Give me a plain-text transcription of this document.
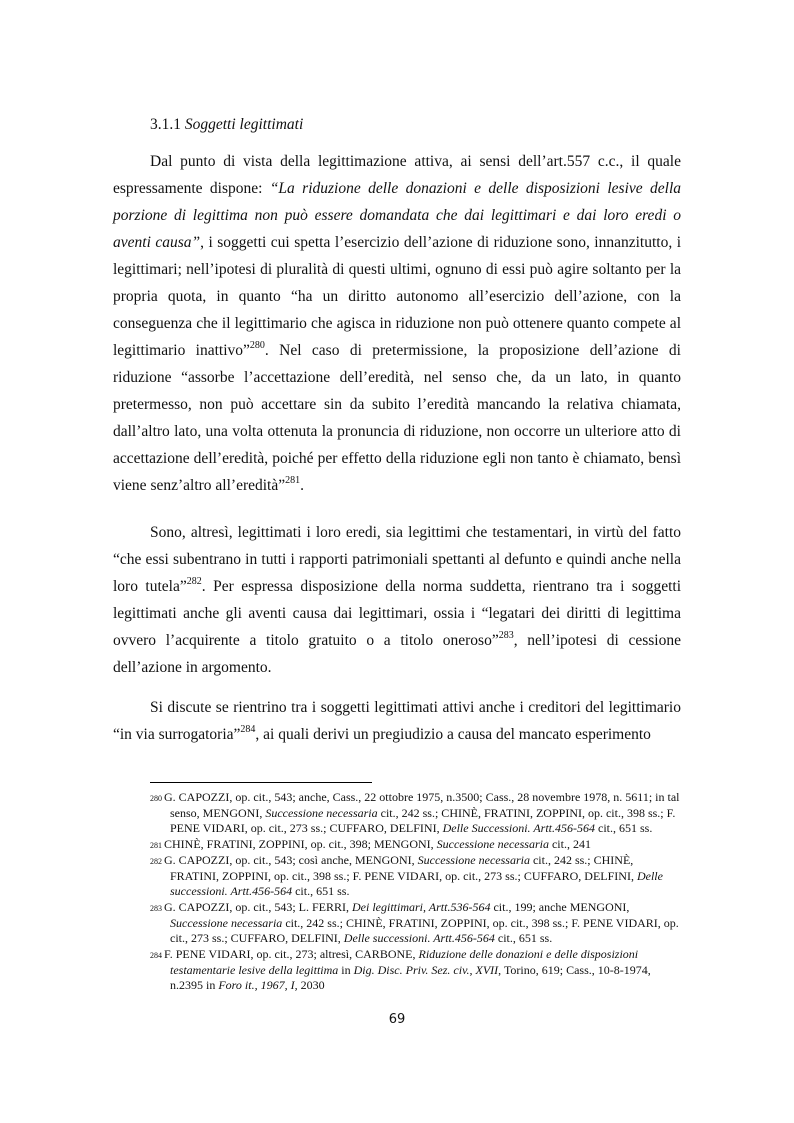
3.1.1 Soggetti legittimati

Dal punto di vista della legittimazione attiva, ai sensi dell’art.557 c.c., il quale espressamente dispone: “La riduzione delle donazioni e delle disposizioni lesive della porzione di legittima non può essere domandata che dai legittimari e dai loro eredi o aventi causa”, i soggetti cui spetta l’esercizio dell’azione di riduzione sono, innanzitutto, i legittimari; nell’ipotesi di pluralità di questi ultimi, ognuno di essi può agire soltanto per la propria quota, in quanto “ha un diritto autonomo all’esercizio dell’azione, con la conseguenza che il legittimario che agisca in riduzione non può ottenere quanto compete al legittimario inattivo”$^{280}$. Nel caso di pretermissione, la proposizione dell’azione di riduzione “assorbe l’accettazione dell’eredità, nel senso che, da un lato, in quanto pretermesso, non può accettare sin da subito l’eredità mancando la relativa chiamata, dall’altro lato, una volta ottenuta la pronuncia di riduzione, non occorre un ulteriore atto di accettazione dell’eredità, poiché per effetto della riduzione egli non tanto è chiamato, bensì viene senz’altro all’eredità”$^{281}$.

Sono, altresì, legittimati i loro eredi, sia legittimi che testamentari, in virtù del fatto “che essi subentrano in tutti i rapporti patrimoniali spettanti al defunto e quindi anche nella loro tutela”$^{282}$. Per espressa disposizione della norma suddetta, rientrano tra i soggetti legittimati anche gli aventi causa dai legittimari, ossia i “legatari dei diritti di legittima ovvero l’acquirente a titolo gratuito o a titolo oneroso”$^{283}$, nell’ipotesi di cessione dell’azione in argomento.

Si discute se rientrino tra i soggetti legittimati attivi anche i creditori del legittimario “in via surrogatoria”$^{284}$, ai quali derivi un pregiudizio a causa del mancato esperimento

$^{280}$ G. CAPOZZI, op. cit., 543; anche, Cass., 22 ottobre 1975, n.3500; Cass., 28 novembre 1978, n. 5611; in tal senso, MENGONI, Successione necessaria cit., 242 ss.; CHINÈ, FRATINI, ZOPPINI, op. cit., 398 ss.; F. PENE VIDARI, op. cit., 273 ss.; CUFFARO, DELFINI, Delle Successioni. Artt.456-564 cit., 651 ss.

$^{281}$ CHINÈ, FRATINI, ZOPPINI, op. cit., 398; MENGONI, Successione necessaria cit., 241

$^{282}$ G. CAPOZZI, op. cit., 543; così anche, MENGONI, Successione necessaria cit., 242 ss.; CHINÈ, FRATINI, ZOPPINI, op. cit., 398 ss.; F. PENE VIDARI, op. cit., 273 ss.; CUFFARO, DELFINI, Delle successioni. Artt.456-564 cit., 651 ss.

$^{283}$ G. CAPOZZI, op. cit., 543; L. FERRI, Dei legittimari, Artt.536-564 cit., 199; anche MENGONI, Successione necessaria cit., 242 ss.; CHINÈ, FRATINI, ZOPPINI, op. cit., 398 ss.; F. PENE VIDARI, op. cit., 273 ss.; CUFFARO, DELFINI, Delle successioni. Artt.456-564 cit., 651 ss.

$^{284}$ F. PENE VIDARI, op. cit., 273; altresì, CARBONE, Riduzione delle donazioni e delle disposizioni testamentarie lesive della legittima in Dig. Disc. Priv. Sez. civ., XVII, Torino, 619; Cass., 10-8-1974, n.2395 in Foro it., 1967, I, 2030

69
